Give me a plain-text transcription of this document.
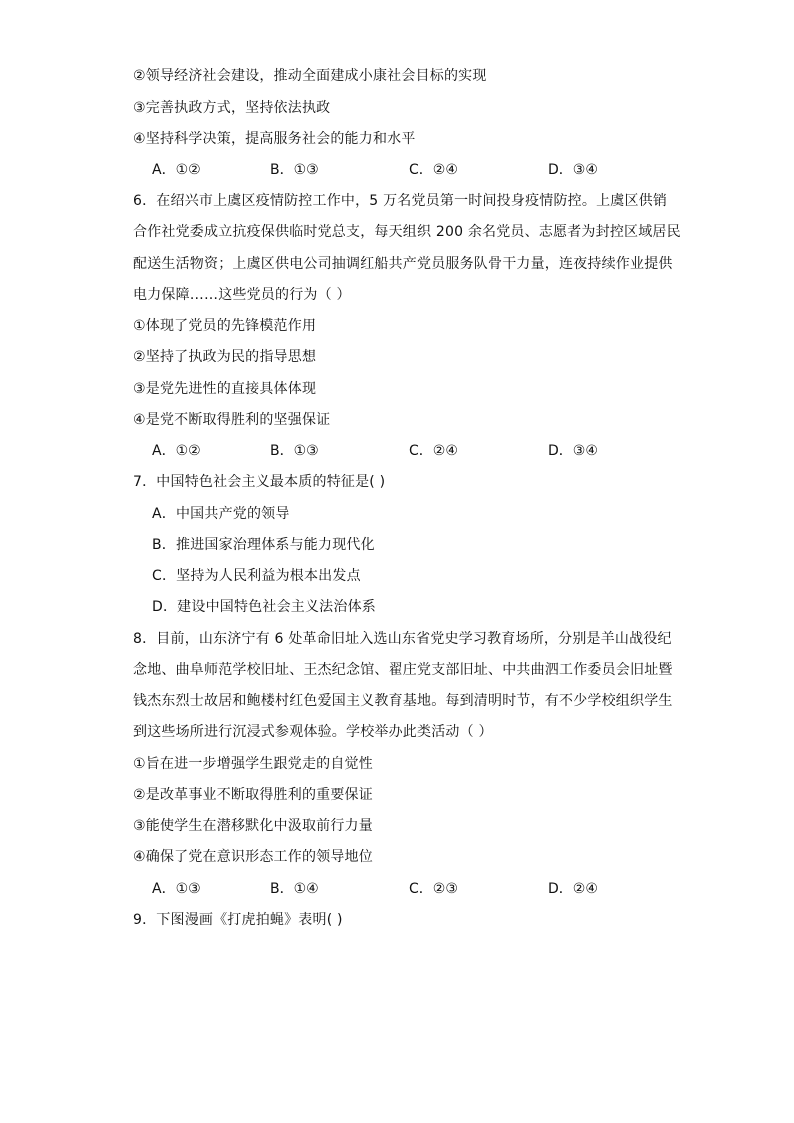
②领导经济社会建设，推动全面建成小康社会目标的实现
③完善执政方式，坚持依法执政
④坚持科学决策，提高服务社会的能力和水平
A．①②	B．①③	C．②④	D．③④
6．在绍兴市上虞区疫情防控工作中，5 万名党员第一时间投身疫情防控。上虞区供销
合作社党委成立抗疫保供临时党总支，每天组织 200 余名党员、志愿者为封控区域居民
配送生活物资；上虞区供电公司抽调红船共产党员服务队骨干力量，连夜持续作业提供
电力保障……这些党员的行为（ ）
①体现了党员的先锋模范作用
②坚持了执政为民的指导思想
③是党先进性的直接具体体现
④是党不断取得胜利的坚强保证
A．①②	B．①③	C．②④	D．③④
7．中国特色社会主义最本质的特征是( )
A．中国共产党的领导
B．推进国家治理体系与能力现代化
C．坚持为人民利益为根本出发点
D．建设中国特色社会主义法治体系
8．目前，山东济宁有 6 处革命旧址入选山东省党史学习教育场所，分别是羊山战役纪
念地、曲阜师范学校旧址、王杰纪念馆、翟庄党支部旧址、中共曲泗工作委员会旧址暨
钱杰东烈士故居和鲍楼村红色爱国主义教育基地。每到清明时节，有不少学校组织学生
到这些场所进行沉浸式参观体验。学校举办此类活动（ ）
①旨在进一步增强学生跟党走的自觉性
②是改革事业不断取得胜利的重要保证
③能使学生在潜移默化中汲取前行力量
④确保了党在意识形态工作的领导地位
A．①③	B．①④	C．②③	D．②④
9．下图漫画《打虎拍蝇》表明( )
